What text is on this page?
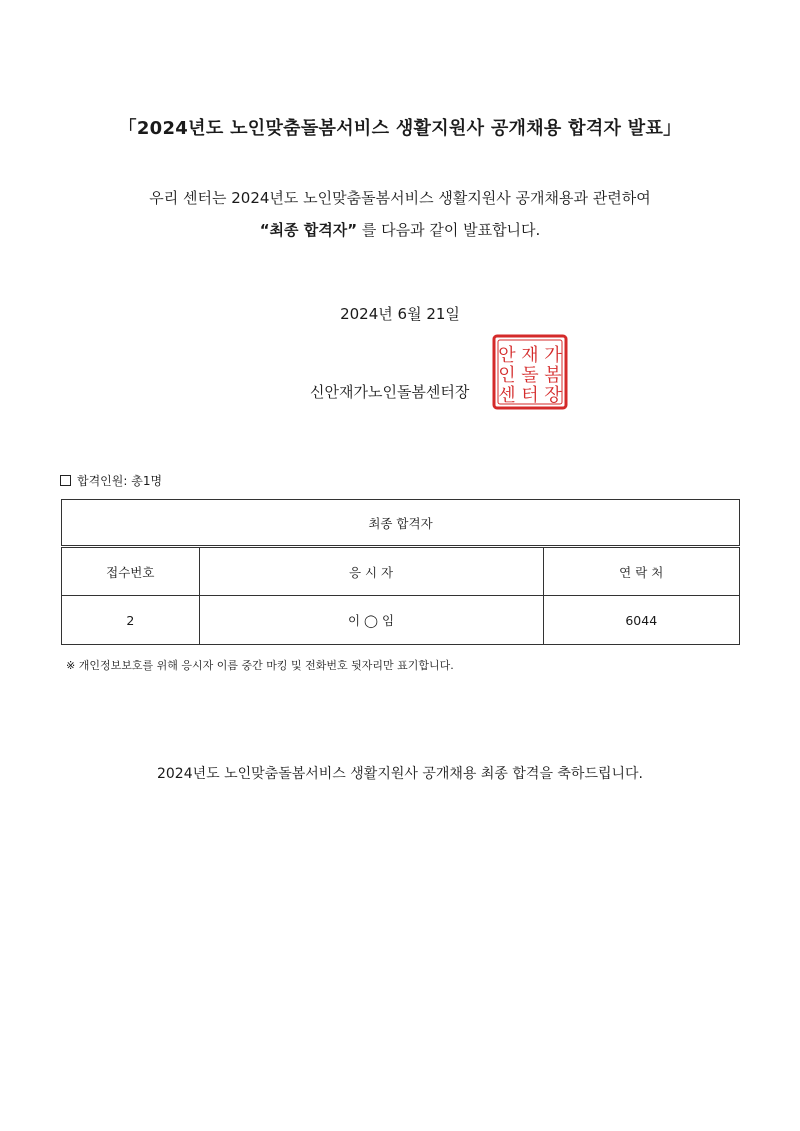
「2024년도 노인맞춤돌봄서비스 생활지원사 공개채용 합격자 발표」
우리 센터는 2024년도 노인맞춤돌봄서비스 생활지원사 공개채용과 관련하여
“최종 합격자” 를 다음과 같이 발표합니다.
2024년 6월 21일
신안재가노인돌봄센터장
가
봄
장
재
돌
터
안
인
센
합격인원: 총1명
최종 합격자		
접수번호	응 시 자	연 락 처
2	이 ◯ 임	6044
※ 개인정보보호를 위해 응시자 이름 중간 마킹 및 전화번호 뒷자리만 표기합니다.
2024년도 노인맞춤돌봄서비스 생활지원사 공개채용 최종 합격을 축하드립니다.
